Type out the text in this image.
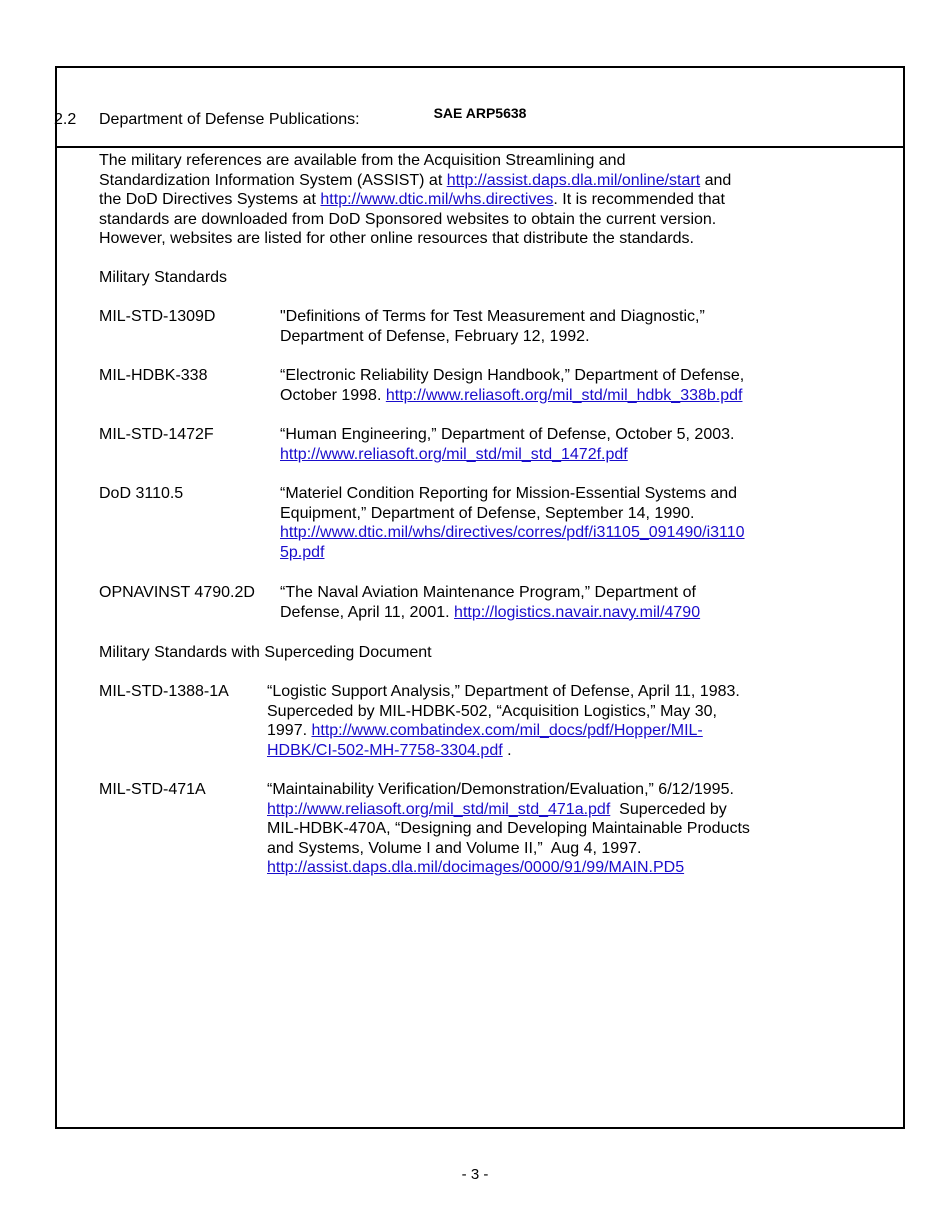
SAE ARP5638
2.2 Department of Defense Publications:
The military references are available from the Acquisition Streamlining and
Standardization Information System (ASSIST) at http://assist.daps.dla.mil/online/start and
the DoD Directives Systems at http://www.dtic.mil/whs.directives. It is recommended that
standards are downloaded from DoD Sponsored websites to obtain the current version.
However, websites are listed for other online resources that distribute the standards.
Military Standards
MIL-STD-1309D	"Definitions of Terms for Test Measurement and Diagnostic,”
Department of Defense, February 12, 1992.
MIL-HDBK-338	“Electronic Reliability Design Handbook,” Department of Defense,
October 1998. http://www.reliasoft.org/mil_std/mil_hdbk_338b.pdf
MIL-STD-1472F	“Human Engineering,” Department of Defense, October 5, 2003.
http://www.reliasoft.org/mil_std/mil_std_1472f.pdf
DoD 3110.5	“Materiel Condition Reporting for Mission-Essential Systems and
Equipment,” Department of Defense, September 14, 1990.
http://www.dtic.mil/whs/directives/corres/pdf/i31105_091490/i3110
5p.pdf
OPNAVINST 4790.2D “The Naval Aviation Maintenance Program,” Department of
Defense, April 11, 2001. http://logistics.navair.navy.mil/4790
Military Standards with Superceding Document
MIL-STD-1388-1A “Logistic Support Analysis,” Department of Defense, April 11, 1983.
Superceded by MIL-HDBK-502, “Acquisition Logistics,” May 30,
1997. http://www.combatindex.com/mil_docs/pdf/Hopper/MIL-
HDBK/CI-502-MH-7758-3304.pdf .
MIL-STD-471A	“Maintainability Verification/Demonstration/Evaluation,” 6/12/1995.
http://www.reliasoft.org/mil_std/mil_std_471a.pdf  Superceded by
MIL-HDBK-470A, “Designing and Developing Maintainable Products
and Systems, Volume I and Volume II,”  Aug 4, 1997.
http://assist.daps.dla.mil/docimages/0000/91/99/MAIN.PD5
- 3 -
